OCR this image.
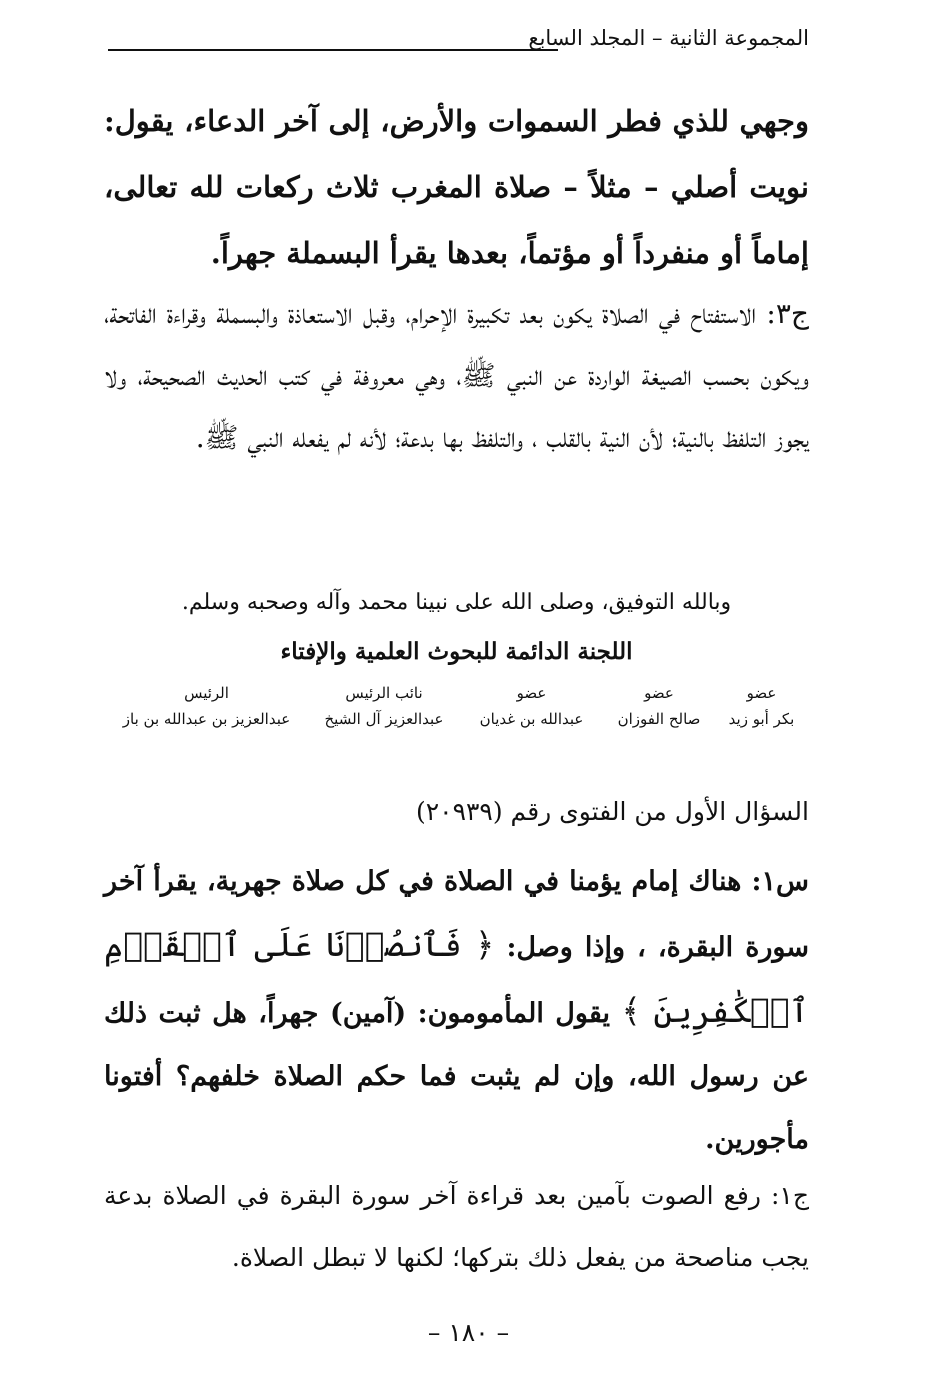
المجموعة الثانية – المجلد السابع

وجهي للذي فطر السموات والأرض، إلى آخر الدعاء، يقول: نويت أصلي – مثلاً – صلاة المغرب ثلاث ركعات لله تعالى، إماماً أو منفرداً أو مؤتماً، بعدها يقرأ البسملة جهراً.

ج٣: الاستفتاح في الصلاة يكون بعد تكبيرة الإحرام، وقبل الاستعاذة والبسملة وقراءة الفاتحة، ويكون بحسب الصيغة الواردة عن النبي ﷺ، وهي معروفة في كتب الحديث الصحيحة، ولا يجوز التلفظ بالنية؛ لأن النية بالقلب ، والتلفظ بها بدعة؛ لأنه لم يفعله النبي ﷺ.

وبالله التوفيق، وصلى الله على نبينا محمد وآله وصحبه وسلم.
اللجنة الدائمة للبحوث العلمية والإفتاء
عضو
بكر أبو زيد
عضو
صالح الفوزان
عضو
عبدالله بن غديان
نائب الرئيس
عبدالعزيز آل الشيخ
الرئيس
عبدالعزيز بن عبدالله بن باز
السؤال الأول من الفتوى رقم (٢٠٩٣٩)

س١: هناك إمام يؤمنا في الصلاة في كل صلاة جهرية، يقرأ آخر سورة البقرة، ، وإذا وصل: ﴿ فَٱنصُرۡنَا عَلَى ٱلۡقَوۡمِ ٱلۡكَٰفِرِينَ ﴾ يقول المأمومون: (آمين) جهراً، هل ثبت ذلك عن رسول الله، وإن لم يثبت فما حكم الصلاة خلفهم؟ أفتونا مأجورين.

ج١: رفع الصوت بآمين بعد قراءة آخر سورة البقرة في الصلاة بدعة يجب مناصحة من يفعل ذلك بتركها؛ لكنها لا تبطل الصلاة.

– ١٨٠ –
